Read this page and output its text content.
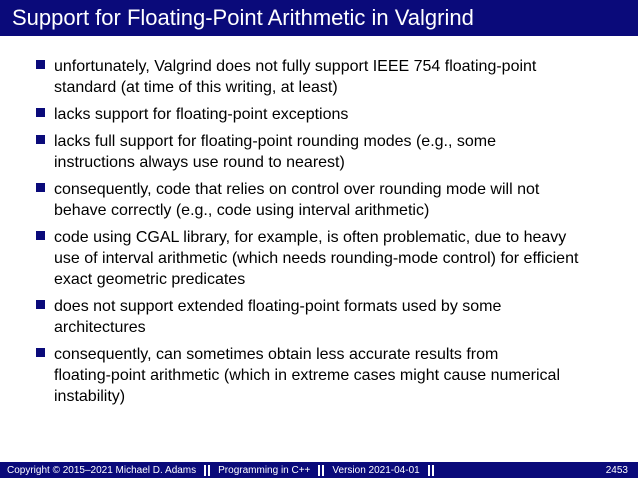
Support for Floating-Point Arithmetic in Valgrind
unfortunately, Valgrind does not fully support IEEE 754 floating-point
standard (at time of this writing, at least)
lacks support for floating-point exceptions
lacks full support for floating-point rounding modes (e.g., some
instructions always use round to nearest)
consequently, code that relies on control over rounding mode will not
behave correctly (e.g., code using interval arithmetic)
code using CGAL library, for example, is often problematic, due to heavy
use of interval arithmetic (which needs rounding-mode control) for efficient
exact geometric predicates
does not support extended floating-point formats used by some
architectures
consequently, can sometimes obtain less accurate results from
floating-point arithmetic (which in extreme cases might cause numerical
instability)
Copyright © 2015–2021 Michael D. Adams Programming in C++ Version 2021-04-01	2453
